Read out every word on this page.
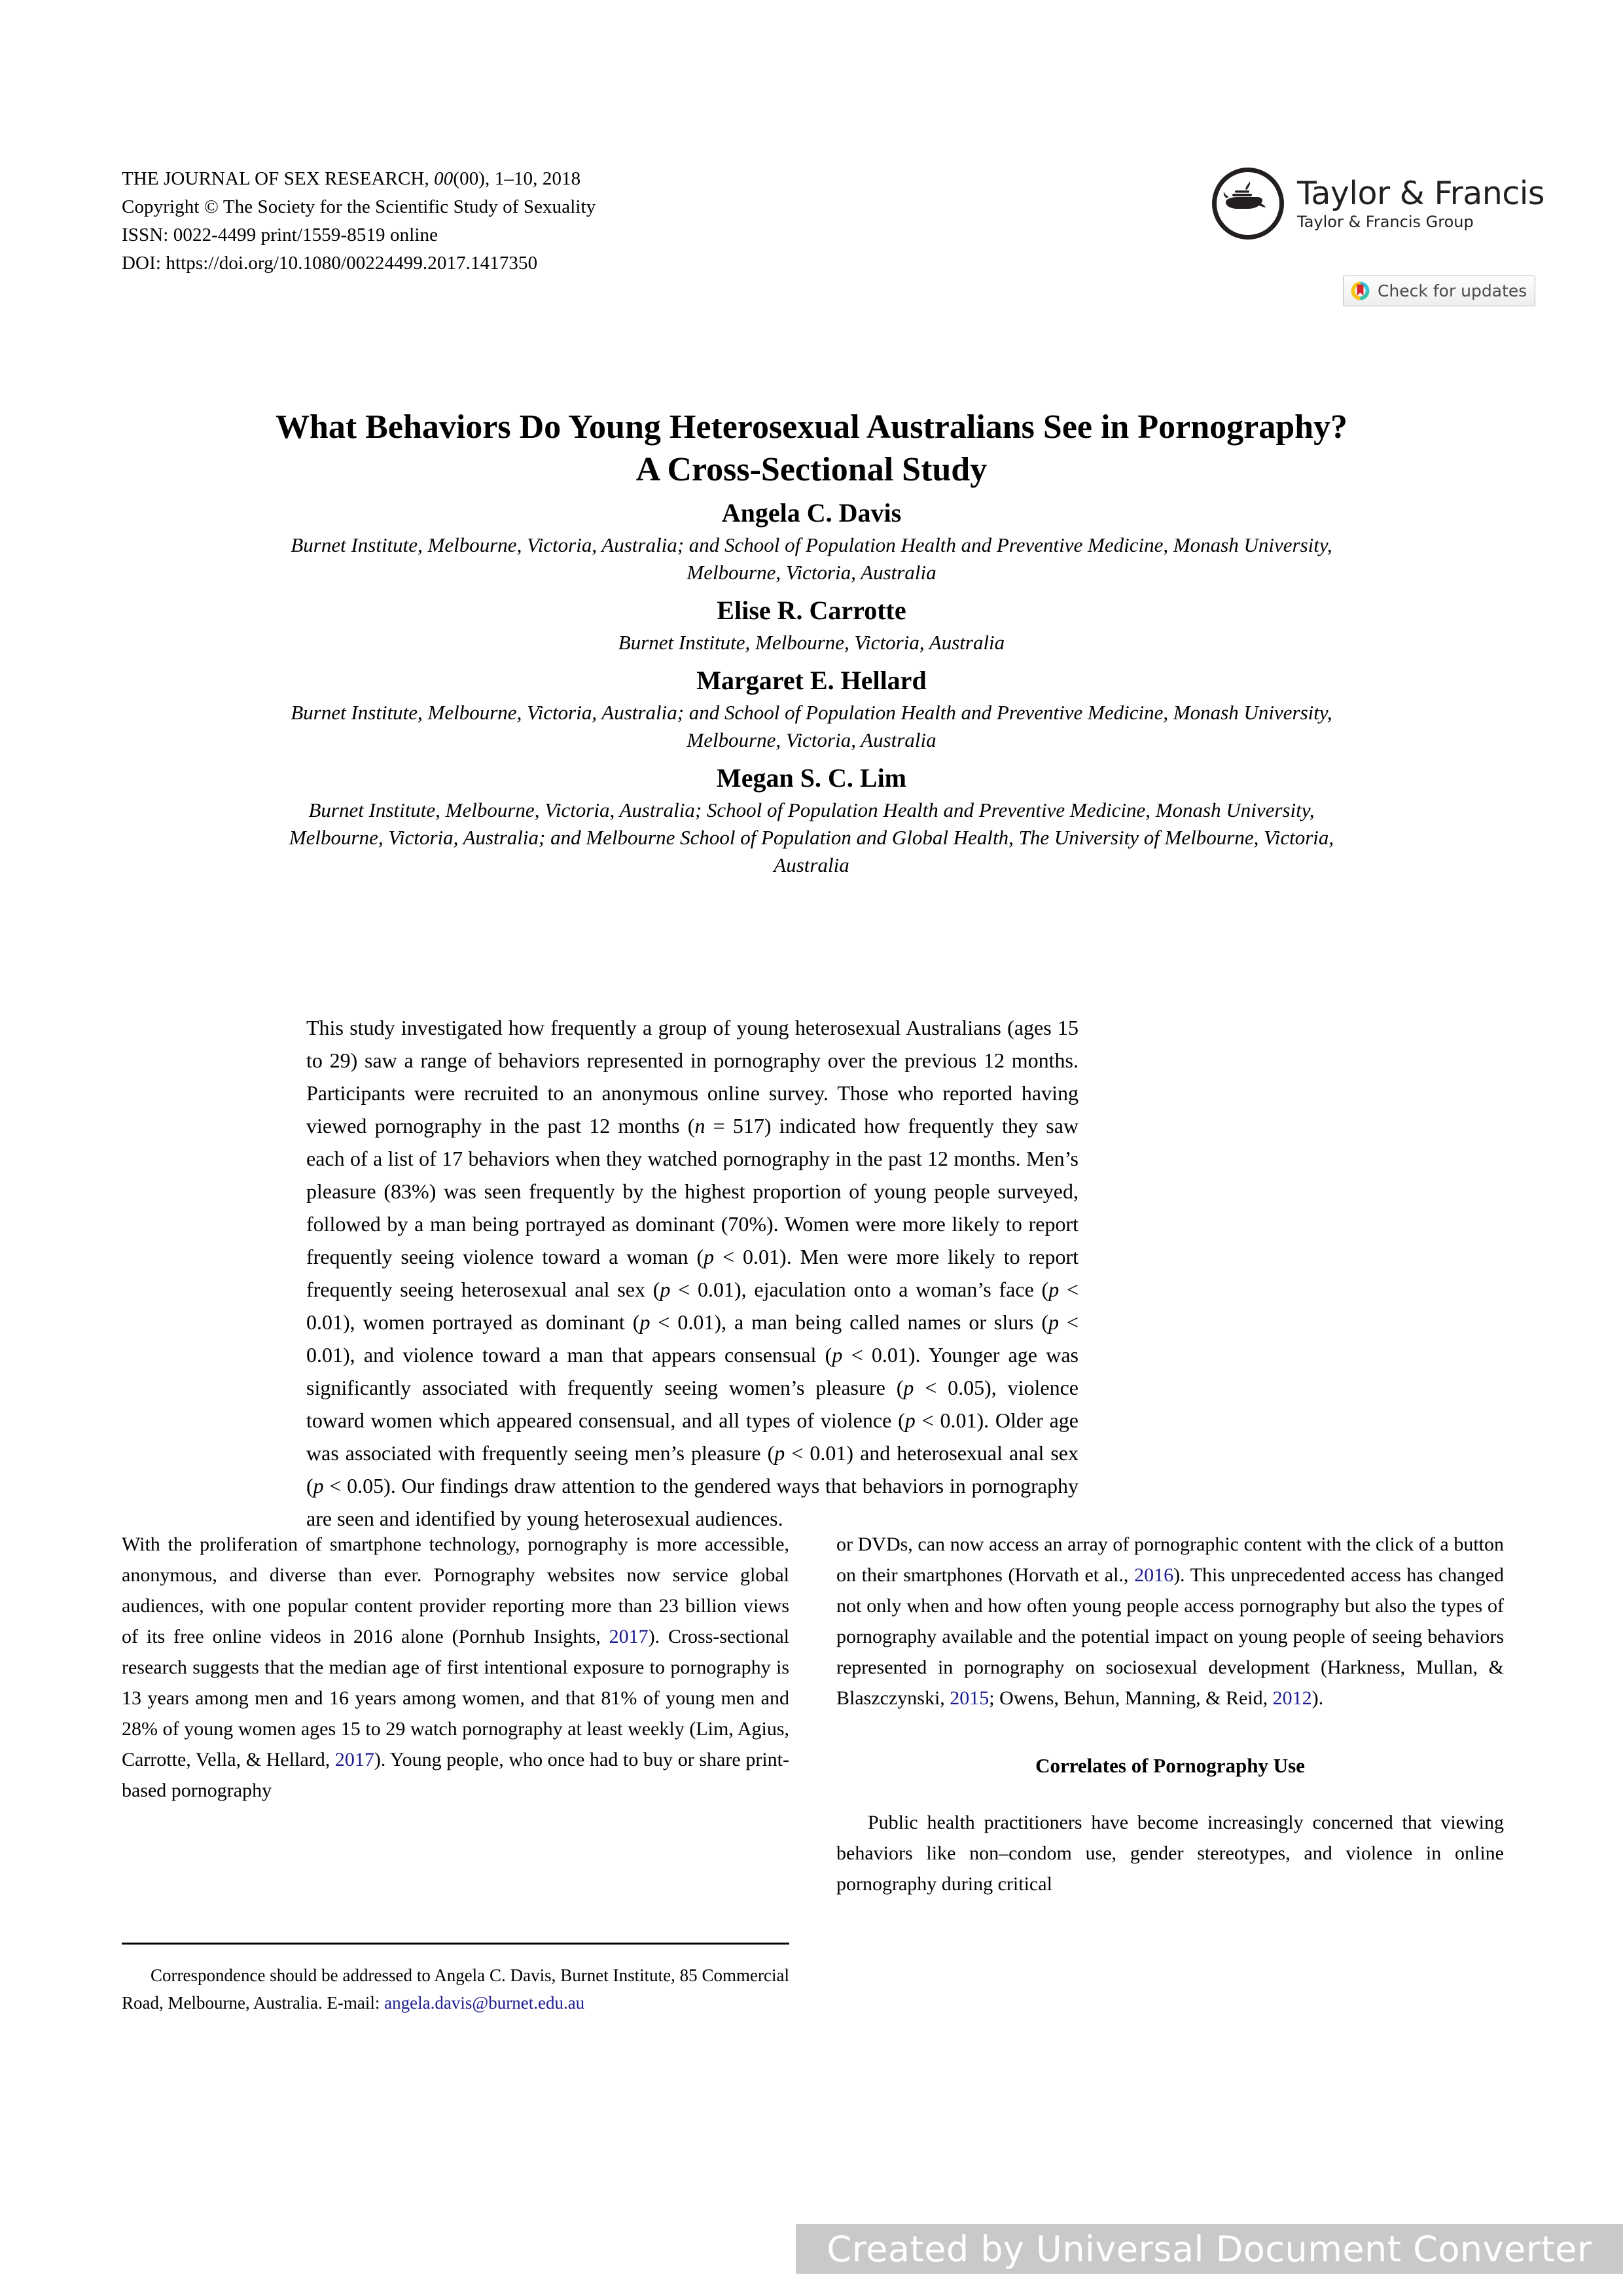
THE JOURNAL OF SEX RESEARCH, 00(00), 1–10, 2018
Copyright © The Society for the Scientific Study of Sexuality
ISSN: 0022-4499 print/1559-8519 online
DOI: https://doi.org/10.1080/00224499.2017.1417350
Taylor & Francis
Taylor & Francis Group
Check for updates
What Behaviors Do Young Heterosexual Australians See in Pornography? A Cross-Sectional Study
Angela C. Davis
Burnet Institute, Melbourne, Victoria, Australia; and School of Population Health and Preventive Medicine, Monash University, Melbourne, Victoria, Australia
Elise R. Carrotte
Burnet Institute, Melbourne, Victoria, Australia
Margaret E. Hellard
Burnet Institute, Melbourne, Victoria, Australia; and School of Population Health and Preventive Medicine, Monash University, Melbourne, Victoria, Australia
Megan S. C. Lim
Burnet Institute, Melbourne, Victoria, Australia; School of Population Health and Preventive Medicine, Monash University, Melbourne, Victoria, Australia; and Melbourne School of Population and Global Health, The University of Melbourne, Victoria, Australia
This study investigated how frequently a group of young heterosexual Australians (ages 15 to 29) saw a range of behaviors represented in pornography over the previous 12 months. Participants were recruited to an anonymous online survey. Those who reported having viewed pornography in the past 12 months (n = 517) indicated how frequently they saw each of a list of 17 behaviors when they watched pornography in the past 12 months. Men’s pleasure (83%) was seen frequently by the highest proportion of young people surveyed, followed by a man being portrayed as dominant (70%). Women were more likely to report frequently seeing violence toward a woman (p < 0.01). Men were more likely to report frequently seeing heterosexual anal sex (p < 0.01), ejaculation onto a woman’s face (p < 0.01), women portrayed as dominant (p < 0.01), a man being called names or slurs (p < 0.01), and violence toward a man that appears consensual (p < 0.01). Younger age was significantly associated with frequently seeing women’s pleasure (p < 0.05), violence toward women which appeared consensual, and all types of violence (p < 0.01). Older age was associated with frequently seeing men’s pleasure (p < 0.01) and heterosexual anal sex (p < 0.05). Our findings draw attention to the gendered ways that behaviors in pornography are seen and identified by young heterosexual audiences.

With the proliferation of smartphone technology, pornography is more accessible, anonymous, and diverse than ever. Pornography websites now service global audiences, with one popular content provider reporting more than 23 billion views of its free online videos in 2016 alone (Pornhub Insights, 2017). Cross-sectional research suggests that the median age of first intentional exposure to pornography is 13 years among men and 16 years among women, and that 81% of young men and 28% of young women ages 15 to 29 watch pornography at least weekly (Lim, Agius, Carrotte, Vella, & Hellard, 2017). Young people, who once had to buy or share print-based pornography

or DVDs, can now access an array of pornographic content with the click of a button on their smartphones (Horvath et al., 2016). This unprecedented access has changed not only when and how often young people access pornography but also the types of pornography available and the potential impact on young people of seeing behaviors represented in pornography on sociosexual development (Harkness, Mullan, & Blaszczynski, 2015; Owens, Behun, Manning, & Reid, 2012).

Correlates of Pornography Use

Public health practitioners have become increasingly concerned that viewing behaviors like non–condom use, gender stereotypes, and violence in online pornography during critical

Correspondence should be addressed to Angela C. Davis, Burnet Institute, 85 Commercial Road, Melbourne, Australia. E-mail: angela.davis@burnet.edu.au
Created by Universal Document Converter
